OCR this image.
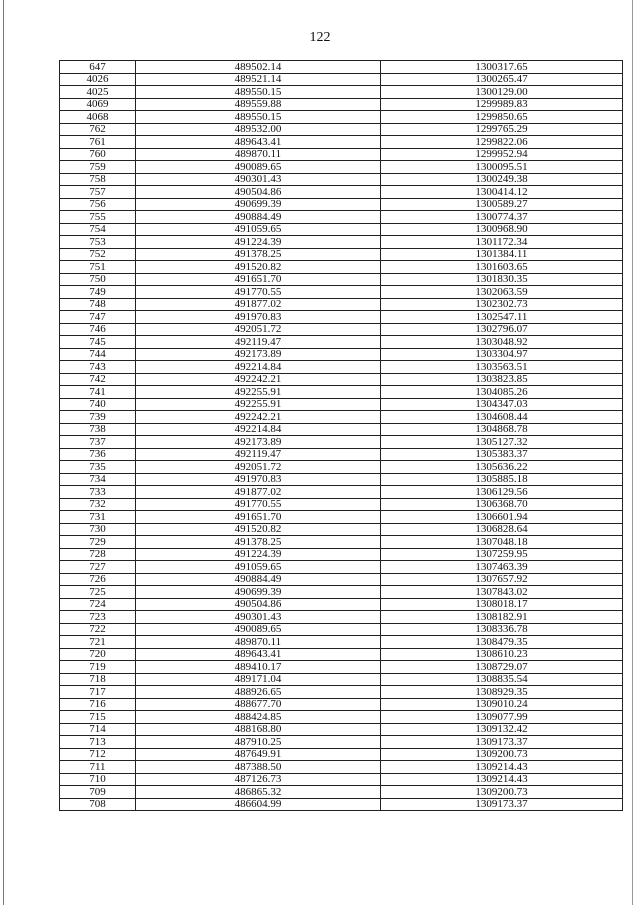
122
647	489502.14	1300317.65
4026	489521.14	1300265.47
4025	489550.15	1300129.00
4069	489559.88	1299989.83
4068	489550.15	1299850.65
762	489532.00	1299765.29
761	489643.41	1299822.06
760	489870.11	1299952.94
759	490089.65	1300095.51
758	490301.43	1300249.38
757	490504.86	1300414.12
756	490699.39	1300589.27
755	490884.49	1300774.37
754	491059.65	1300968.90
753	491224.39	1301172.34
752	491378.25	1301384.11
751	491520.82	1301603.65
750	491651.70	1301830.35
749	491770.55	1302063.59
748	491877.02	1302302.73
747	491970.83	1302547.11
746	492051.72	1302796.07
745	492119.47	1303048.92
744	492173.89	1303304.97
743	492214.84	1303563.51
742	492242.21	1303823.85
741	492255.91	1304085.26
740	492255.91	1304347.03
739	492242.21	1304608.44
738	492214.84	1304868.78
737	492173.89	1305127.32
736	492119.47	1305383.37
735	492051.72	1305636.22
734	491970.83	1305885.18
733	491877.02	1306129.56
732	491770.55	1306368.70
731	491651.70	1306601.94
730	491520.82	1306828.64
729	491378.25	1307048.18
728	491224.39	1307259.95
727	491059.65	1307463.39
726	490884.49	1307657.92
725	490699.39	1307843.02
724	490504.86	1308018.17
723	490301.43	1308182.91
722	490089.65	1308336.78
721	489870.11	1308479.35
720	489643.41	1308610.23
719	489410.17	1308729.07
718	489171.04	1308835.54
717	488926.65	1308929.35
716	488677.70	1309010.24
715	488424.85	1309077.99
714	488168.80	1309132.42
713	487910.25	1309173.37
712	487649.91	1309200.73
711	487388.50	1309214.43
710	487126.73	1309214.43
709	486865.32	1309200.73
708	486604.99	1309173.37
